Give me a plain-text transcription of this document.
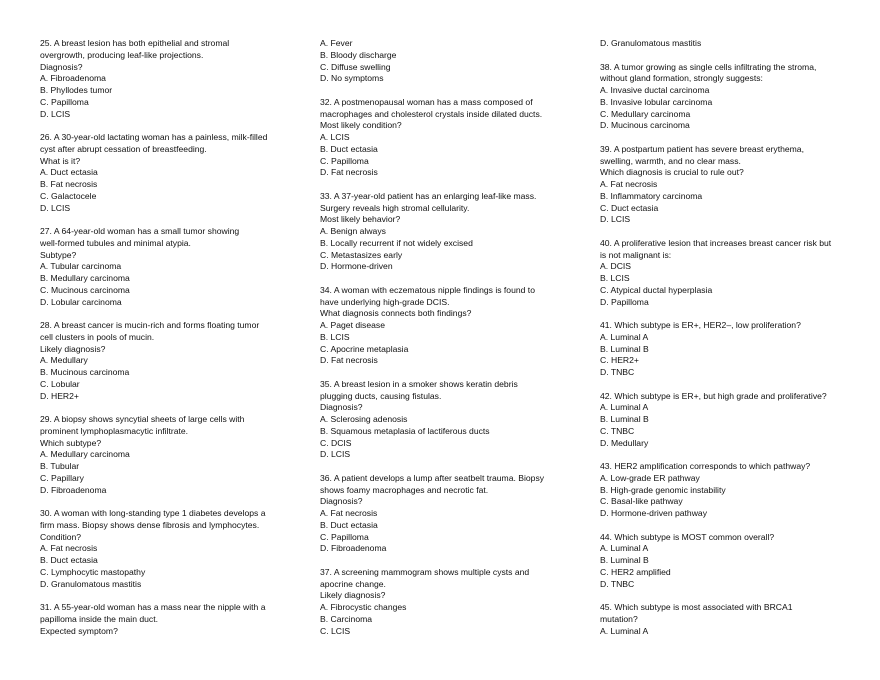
25. A breast lesion has both epithelial and stromal
overgrowth, producing leaf-like projections.
Diagnosis?
A. Fibroadenoma
B. Phyllodes tumor
C. Papilloma
D. LCIS
26. A 30-year-old lactating woman has a painless, milk-filled
cyst after abrupt cessation of breastfeeding.
What is it?
A. Duct ectasia
B. Fat necrosis
C. Galactocele
D. LCIS
27. A 64-year-old woman has a small tumor showing
well-formed tubules and minimal atypia.
Subtype?
A. Tubular carcinoma
B. Medullary carcinoma
C. Mucinous carcinoma
D. Lobular carcinoma
28. A breast cancer is mucin-rich and forms floating tumor
cell clusters in pools of mucin.
Likely diagnosis?
A. Medullary
B. Mucinous carcinoma
C. Lobular
D. HER2+
29. A biopsy shows syncytial sheets of large cells with
prominent lymphoplasmacytic infiltrate.
Which subtype?
A. Medullary carcinoma
B. Tubular
C. Papillary
D. Fibroadenoma
30. A woman with long-standing type 1 diabetes develops a
firm mass. Biopsy shows dense fibrosis and lymphocytes.
Condition?
A. Fat necrosis
B. Duct ectasia
C. Lymphocytic mastopathy
D. Granulomatous mastitis
31. A 55-year-old woman has a mass near the nipple with a
papilloma inside the main duct.
Expected symptom?
A. Fever
B. Bloody discharge
C. Diffuse swelling
D. No symptoms
32. A postmenopausal woman has a mass composed of
macrophages and cholesterol crystals inside dilated ducts.
Most likely condition?
A. LCIS
B. Duct ectasia
C. Papilloma
D. Fat necrosis
33. A 37-year-old patient has an enlarging leaf-like mass.
Surgery reveals high stromal cellularity.
Most likely behavior?
A. Benign always
B. Locally recurrent if not widely excised
C. Metastasizes early
D. Hormone-driven
34. A woman with eczematous nipple findings is found to
have underlying high-grade DCIS.
What diagnosis connects both findings?
A. Paget disease
B. LCIS
C. Apocrine metaplasia
D. Fat necrosis
35. A breast lesion in a smoker shows keratin debris
plugging ducts, causing fistulas.
Diagnosis?
A. Sclerosing adenosis
B. Squamous metaplasia of lactiferous ducts
C. DCIS
D. LCIS
36. A patient develops a lump after seatbelt trauma. Biopsy
shows foamy macrophages and necrotic fat.
Diagnosis?
A. Fat necrosis
B. Duct ectasia
C. Papilloma
D. Fibroadenoma
37. A screening mammogram shows multiple cysts and
apocrine change.
Likely diagnosis?
A. Fibrocystic changes
B. Carcinoma
C. LCIS
D. Granulomatous mastitis
38. A tumor growing as single cells infiltrating the stroma,
without gland formation, strongly suggests:
A. Invasive ductal carcinoma
B. Invasive lobular carcinoma
C. Medullary carcinoma
D. Mucinous carcinoma
39. A postpartum patient has severe breast erythema,
swelling, warmth, and no clear mass.
Which diagnosis is crucial to rule out?
A. Fat necrosis
B. Inflammatory carcinoma
C. Duct ectasia
D. LCIS
40. A proliferative lesion that increases breast cancer risk but
is not malignant is:
A. DCIS
B. LCIS
C. Atypical ductal hyperplasia
D. Papilloma
41. Which subtype is ER+, HER2–, low proliferation?
A. Luminal A
B. Luminal B
C. HER2+
D. TNBC
42. Which subtype is ER+, but high grade and proliferative?
A. Luminal A
B. Luminal B
C. TNBC
D. Medullary
43. HER2 amplification corresponds to which pathway?
A. Low-grade ER pathway
B. High-grade genomic instability
C. Basal-like pathway
D. Hormone-driven pathway
44. Which subtype is MOST common overall?
A. Luminal A
B. Luminal B
C. HER2 amplified
D. TNBC
45. Which subtype is most associated with BRCA1
mutation?
A. Luminal A
